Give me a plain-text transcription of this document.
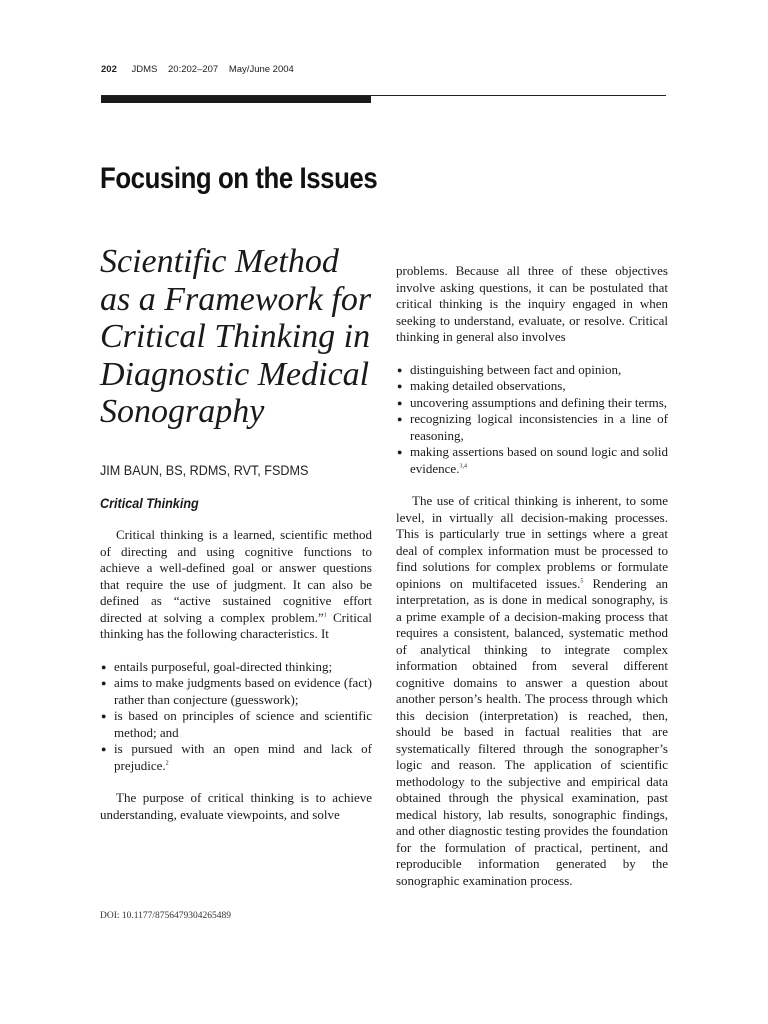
202 JDMS 20:202–207 May/June 2004
Focusing on the Issues
Scientific Method as a Framework for Critical Thinking in Diagnostic Medical Sonography
JIM BAUN, BS, RDMS, RVT, FSDMS
Critical Thinking

Critical thinking is a learned, scientific method of directing and using cognitive functions to achieve a well-defined goal or answer questions that require the use of judgment. It can also be defined as “active sustained cognitive effort directed at solving a complex problem.”$^1$ Critical thinking has the following characteristics. It

● entails purposeful, goal-directed thinking;
● aims to make judgments based on evidence (fact) rather than conjecture (guesswork);
● is based on principles of science and scientific method; and
● is pursued with an open mind and lack of prejudice.$^2$

The purpose of critical thinking is to achieve understanding, evaluate viewpoints, and solve

problems. Because all three of these objectives involve asking questions, it can be postulated that critical thinking is the inquiry engaged in when seeking to understand, evaluate, or resolve. Critical thinking in general also involves

● distinguishing between fact and opinion,
● making detailed observations,
● uncovering assumptions and defining their terms,
● recognizing logical inconsistencies in a line of reasoning,
● making assertions based on sound logic and solid evidence.$^{3,4}$

The use of critical thinking is inherent, to some level, in virtually all decision-making processes. This is particularly true in settings where a great deal of complex information must be processed to find solutions for complex problems or formulate opinions on multifaceted issues.$^5$ Rendering an interpretation, as is done in medical sonography, is a prime example of a decision-making process that requires a consistent, balanced, systematic method of analytical thinking to integrate complex information obtained from several different cognitive domains to answer a question about another person’s health. The process through which this decision (interpretation) is reached, then, should be based in factual realities that are systematically filtered through the sonographer’s logic and reason. The application of scientific methodology to the subjective and empirical data obtained through the physical examination, past medical history, lab results, sonographic findings, and other diagnostic testing provides the foundation for the formulation of practical, pertinent, and reproducible information generated by the sonographic examination process.

DOI: 10.1177/8756479304265489
